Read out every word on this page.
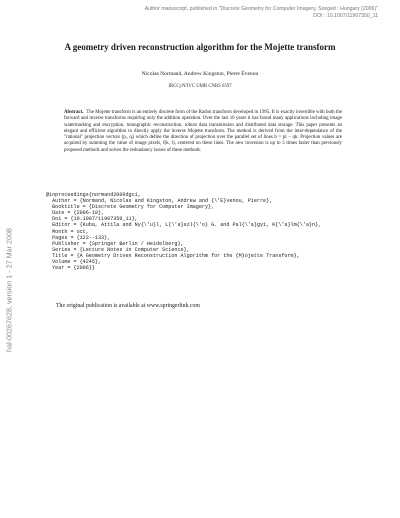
Author manuscript, published in "Discrete Geometry for Computer Imagery, Szeged : Hungary (2006)"
DOI : 10.1007/11907350_11
hal-00267628, version 1 - 27 Mar 2008
A geometry driven reconstruction algorithm for the Mojette transform
Nicolas Normand, Andrew Kingston, Pierre Évenou
IRCCyN/IVC UMR CNRS 6597
Abstract. The Mojette transform is an entirely discrete form of the Radon transform developed in 1995. It is exactly invertible with both the forward and inverse transforms requiring only the addition operation. Over the last 10 years it has found many applications including image watermarking and encryption, tomographic reconstruction, robust data transmission and distributed data storage. This paper presents an elegant and efficient algorithm to directly apply the inverse Mojette transform. The method is derived from the inter-dependance of the "rational" projection vectors (pᵢ, qᵢ) which define the direction of projection over the parallel set of lines b = pl − qk. Projection values are acquired by summing the value of image pixels, f(k, l), centered on these lines. The new inversion is up to 5 times faster than previously proposed methods and solves the redundancy issues of these methods.
@inproceedings{normand2006dgci,
Author = {Normand, Nicolas and Kingston, Andrew and {\'E}venou, Pierre},
Booktitle = {Discrete Geometry for Computer Imagery},
Date = {2006-10},
Doi = {10.1007/11907350_11},
Editor = {Kuba, Attila and Ny{\'u}l, L{\'a}szl{\'o} G. and Pal{\'a}gyi, K{\'a}lm{\'a}n},
Month = oct,
Pages = {122--133},
Publisher = {Springer Berlin / Heidelberg},
Series = {Lecture Notes in Computer Science},
Title = {A Geometry Driven Reconstruction Algorithm for the {M}ojette Transform},
Volume = {4245},
Year = {2006}}
The original publication is available at www.springerlink.com
